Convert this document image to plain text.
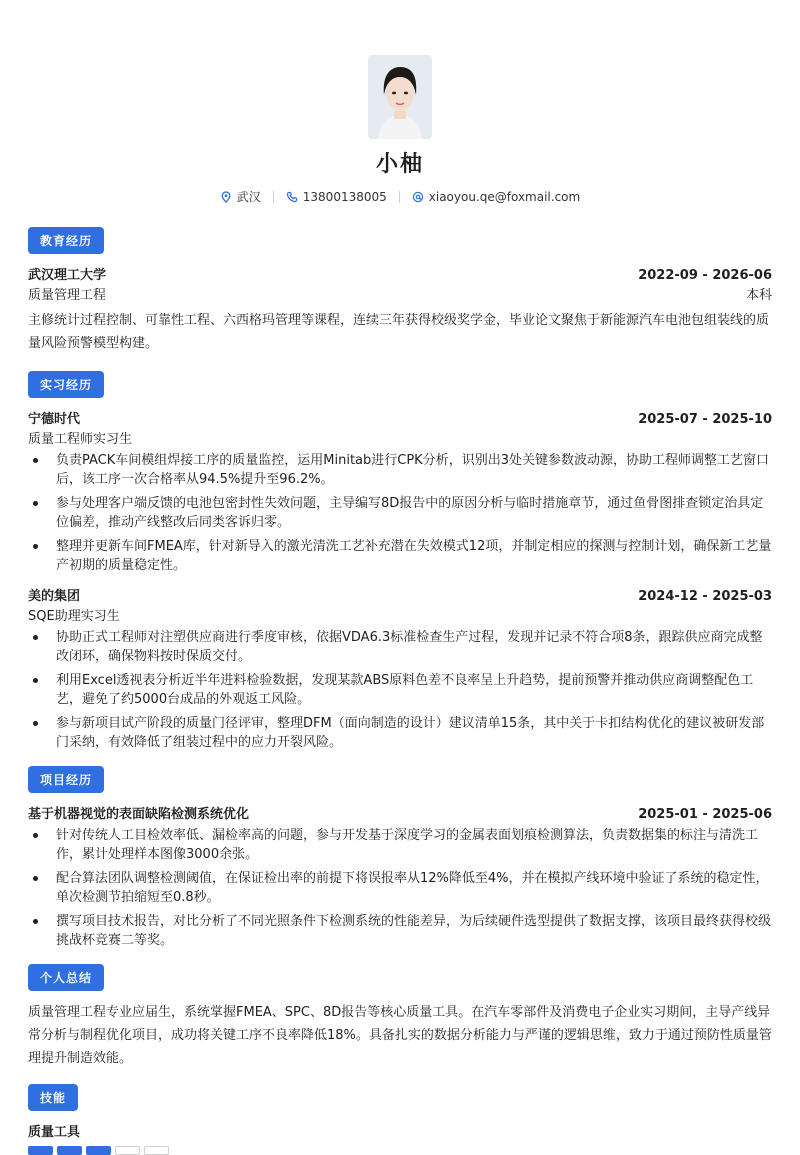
小柚
武汉	13800138005	xiaoyou.qe@foxmail.com
教育经历
武汉理工大学	2022-09 - 2026-06
质量管理工程	本科
主修统计过程控制、可靠性工程、六西格玛管理等课程，连续三年获得校级奖学金，毕业论文聚焦于新能源汽车电池包组装线的质量风险预警模型构建。
实习经历
宁德时代	2025-07 - 2025-10
质量工程师实习生
负责PACK车间模组焊接工序的质量监控，运用Minitab进行CPK分析，识别出3处关键参数波动源，协助工程师调整工艺窗口后，该工序一次合格率从94.5%提升至96.2%。
参与处理客户端反馈的电池包密封性失效问题，主导编写8D报告中的原因分析与临时措施章节，通过鱼骨图排查锁定治具定位偏差，推动产线整改后同类客诉归零。
整理并更新车间FMEA库，针对新导入的激光清洗工艺补充潜在失效模式12项，并制定相应的探测与控制计划，确保新工艺量产初期的质量稳定性。
美的集团	2024-12 - 2025-03
SQE助理实习生
协助正式工程师对注塑供应商进行季度审核，依据VDA6.3标准检查生产过程，发现并记录不符合项8条，跟踪供应商完成整改闭环，确保物料按时保质交付。
利用Excel透视表分析近半年进料检验数据，发现某款ABS原料色差不良率呈上升趋势，提前预警并推动供应商调整配色工艺，避免了约5000台成品的外观返工风险。
参与新项目试产阶段的质量门径评审，整理DFM（面向制造的设计）建议清单15条，其中关于卡扣结构优化的建议被研发部门采纳，有效降低了组装过程中的应力开裂风险。
项目经历
基于机器视觉的表面缺陷检测系统优化	2025-01 - 2025-06
针对传统人工目检效率低、漏检率高的问题，参与开发基于深度学习的金属表面划痕检测算法，负责数据集的标注与清洗工作，累计处理样本图像3000余张。
配合算法团队调整检测阈值，在保证检出率的前提下将误报率从12%降低至4%，并在模拟产线环境中验证了系统的稳定性，单次检测节拍缩短至0.8秒。
撰写项目技术报告，对比分析了不同光照条件下检测系统的性能差异，为后续硬件选型提供了数据支撑，该项目最终获得校级挑战杯竞赛二等奖。
个人总结
质量管理工程专业应届生，系统掌握FMEA、SPC、8D报告等核心质量工具。在汽车零部件及消费电子企业实习期间，主导产线异常分析与制程优化项目，成功将关键工序不良率降低18%。具备扎实的数据分析能力与严谨的逻辑思维，致力于通过预防性质量管理提升制造效能。
技能
质量工具
